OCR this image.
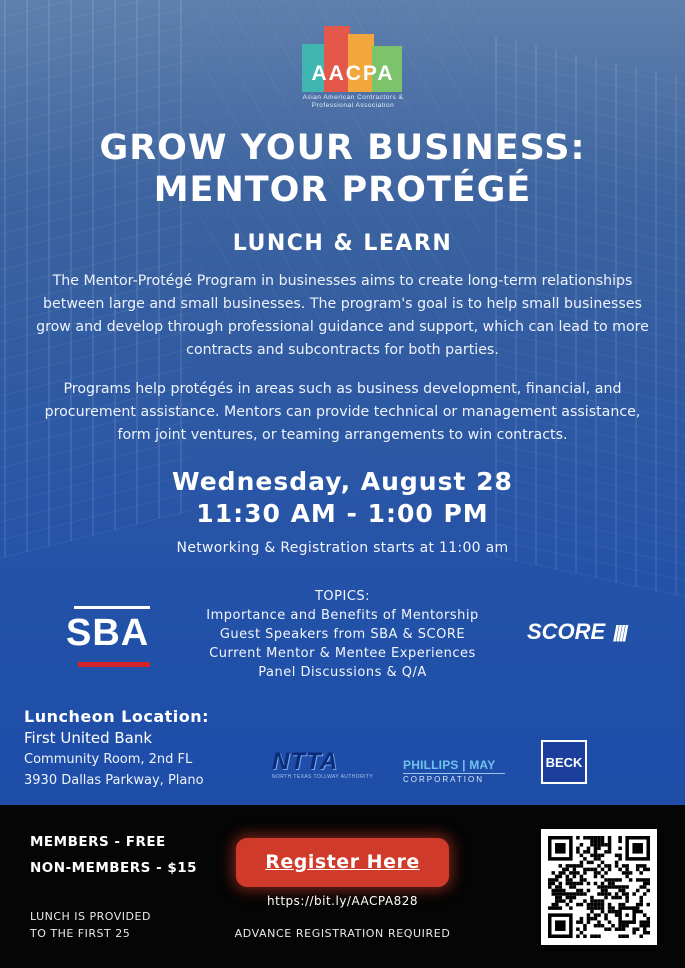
AACPA
Asian American Contractors &
Professional Association
GROW YOUR BUSINESS:
MENTOR PROTÉGÉ
LUNCH & LEARN
The Mentor-Protégé Program in businesses aims to create long-term relationships between large and small businesses. The program's goal is to help small businesses grow and develop through professional guidance and support, which can lead to more contracts and subcontracts for both parties.
Programs help protégés in areas such as business development, financial, and procurement assistance. Mentors can provide technical or management assistance, form joint ventures, or teaming arrangements to win contracts.
Wednesday, August 28
11:30 AM - 1:00 PM
Networking & Registration starts at 11:00 am
TOPICS:
Importance and Benefits of Mentorship
Guest Speakers from SBA & SCORE
Current Mentor & Mentee Experiences
Panel Discussions & Q/A
SBA	SCORE ////
Luncheon Location:
First United Bank
Community Room, 2nd FL
3930 Dallas Parkway, Plano
NTTA
NORTH TEXAS TOLLWAY AUTHORITY
PHILLIPS | MAY
CORPORATION
BECK
MEMBERS - FREE
NON-MEMBERS - $15
LUNCH IS PROVIDED
TO THE FIRST 25
Register Here
https://bit.ly/AACPA828
ADVANCE REGISTRATION REQUIRED
